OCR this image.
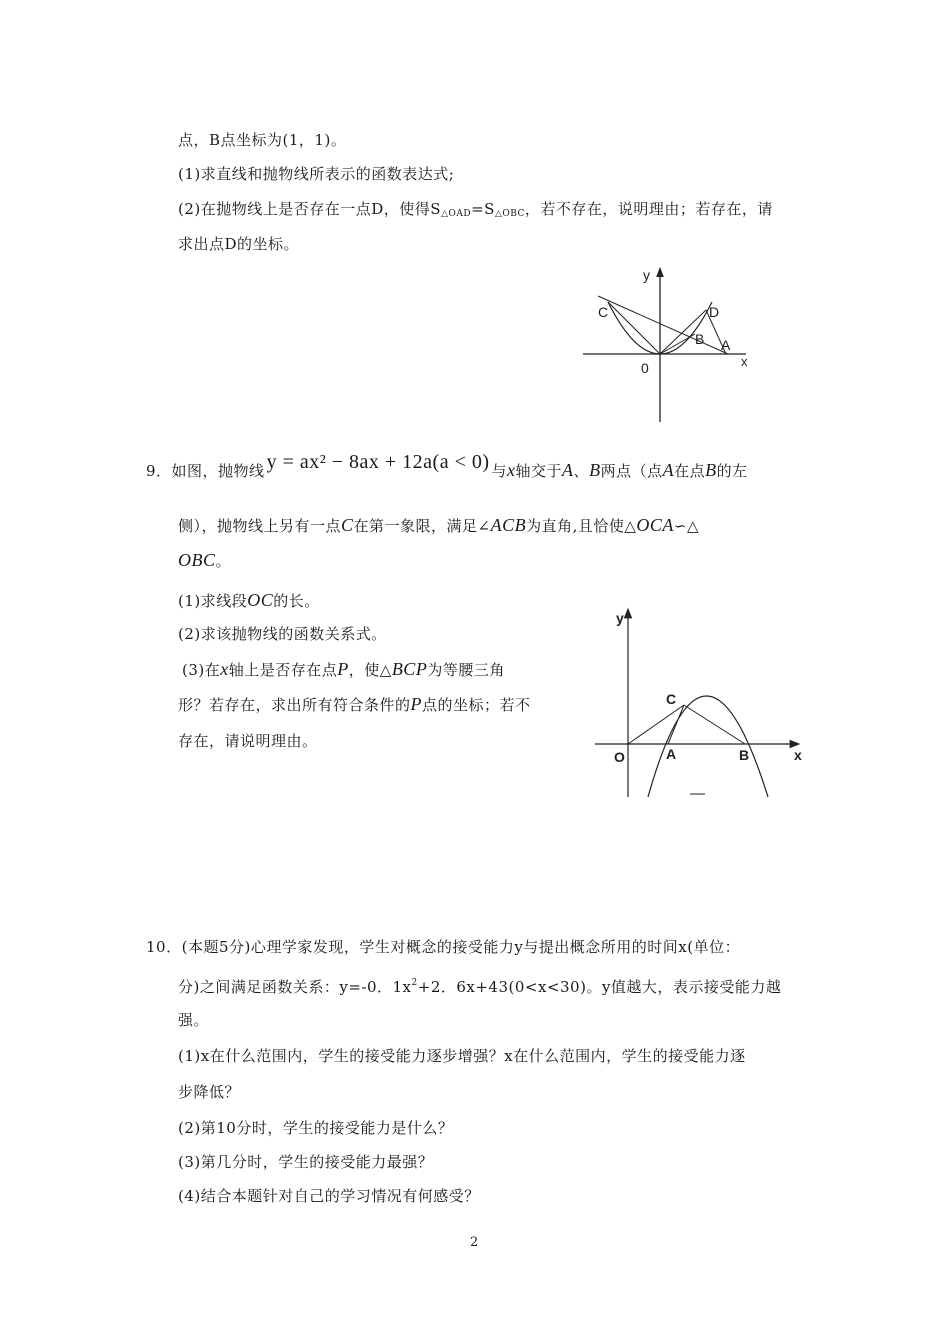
点，B点坐标为(1，1)。
(1)求直线和抛物线所表示的函数表达式;
(2)在抛物线上是否存在一点D，使得$S_{\triangle OAD}=S_{\triangle OBC}$，若不存在，说明理由；若存在，请
求出点D的坐标。
y
x
0
C	D
B A
9．如图，抛物线 y = ax² − 8ax + 12a(a < 0) 与x轴交于A、B两点（点A在点B的左
侧），抛物线上另有一点C在第一象限，满足∠ACB为直角,且恰使△OCA∽△
OBC。
(1)求线段OC的长。
(2)求该抛物线的函数关系式。
(3)在x轴上是否存在点P，使△BCP为等腰三角
形？若存在，求出所有符合条件的P点的坐标；若不
存在，请说明理由。
y
x
O	A	B
C
10．(本题5分)心理学家发现，学生对概念的接受能力y与提出概念所用的时间x(单位：
分)之间满足函数关系：y=-0．$1x^2+2$．6x+43(0<x<30)。y值越大，表示接受能力越
强。
(1)x在什么范围内，学生的接受能力逐步增强？x在什么范围内，学生的接受能力逐
步降低？
(2)第10分时，学生的接受能力是什么？
(3)第几分时，学生的接受能力最强？
(4)结合本题针对自己的学习情况有何感受？
2
